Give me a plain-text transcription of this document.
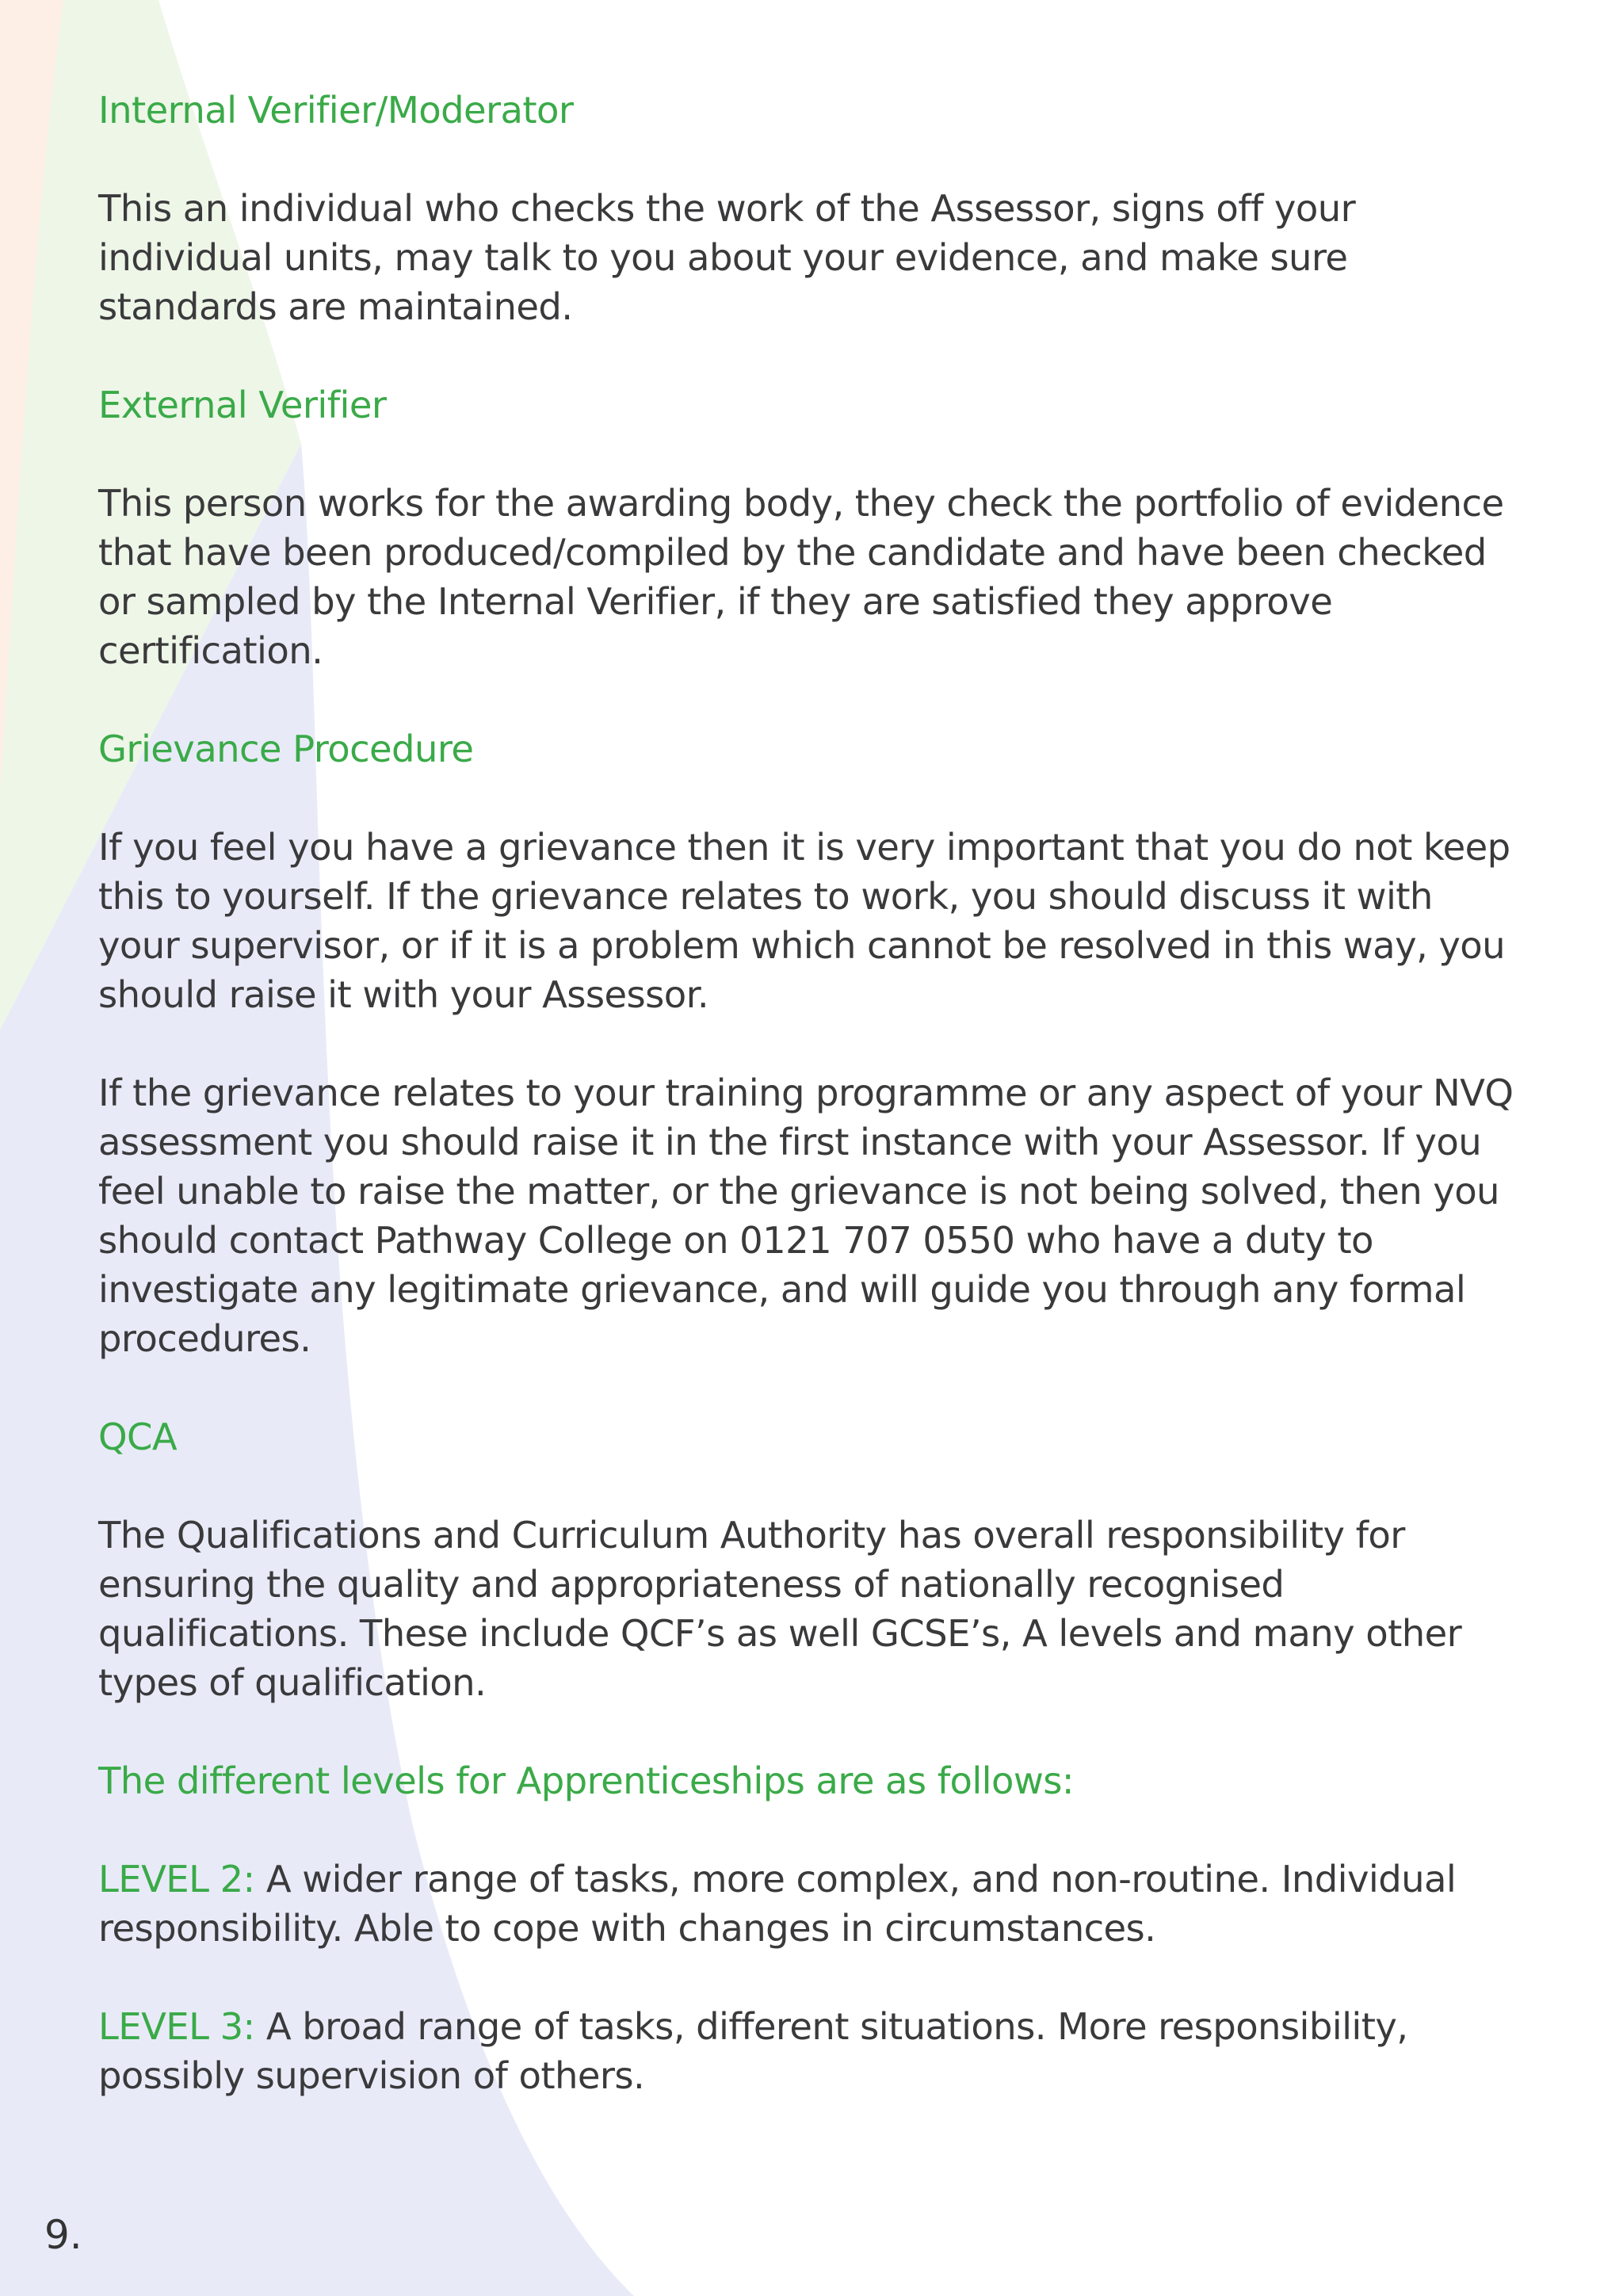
Internal Verifier/Moderator

This an individual who checks the work of the Assessor, signs off your individual units, may talk to you about your evidence, and make sure standards are maintained.

External Verifier

This person works for the awarding body, they check the portfolio of evidence that have been produced/compiled by the candidate and have been checked or sampled by the Internal Verifier, if they are satisfied they approve certification.

Grievance Procedure

If you feel you have a grievance then it is very important that you do not keep this to yourself. If the grievance relates to work, you should discuss it with your supervisor, or if it is a problem which cannot be resolved in this way, you should raise it with your Assessor.

If the grievance relates to your training programme or any aspect of your NVQ assessment you should raise it in the first instance with your Assessor. If you feel unable to raise the matter, or the grievance is not being solved, then you should contact Pathway College on 0121 707 0550 who have a duty to investigate any legitimate grievance, and will guide you through any formal procedures.

QCA

The Qualifications and Curriculum Authority has overall responsibility for ensuring the quality and appropriateness of nationally recognised qualifications. These include QCF’s as well GCSE’s, A levels and many other types of qualification.

The different levels for Apprenticeships are as follows:

LEVEL 2: A wider range of tasks, more complex, and non-routine. Individual responsibility. Able to cope with changes in circumstances.

LEVEL 3: A broad range of tasks, different situations. More responsibility, possibly supervision of others.

9.
